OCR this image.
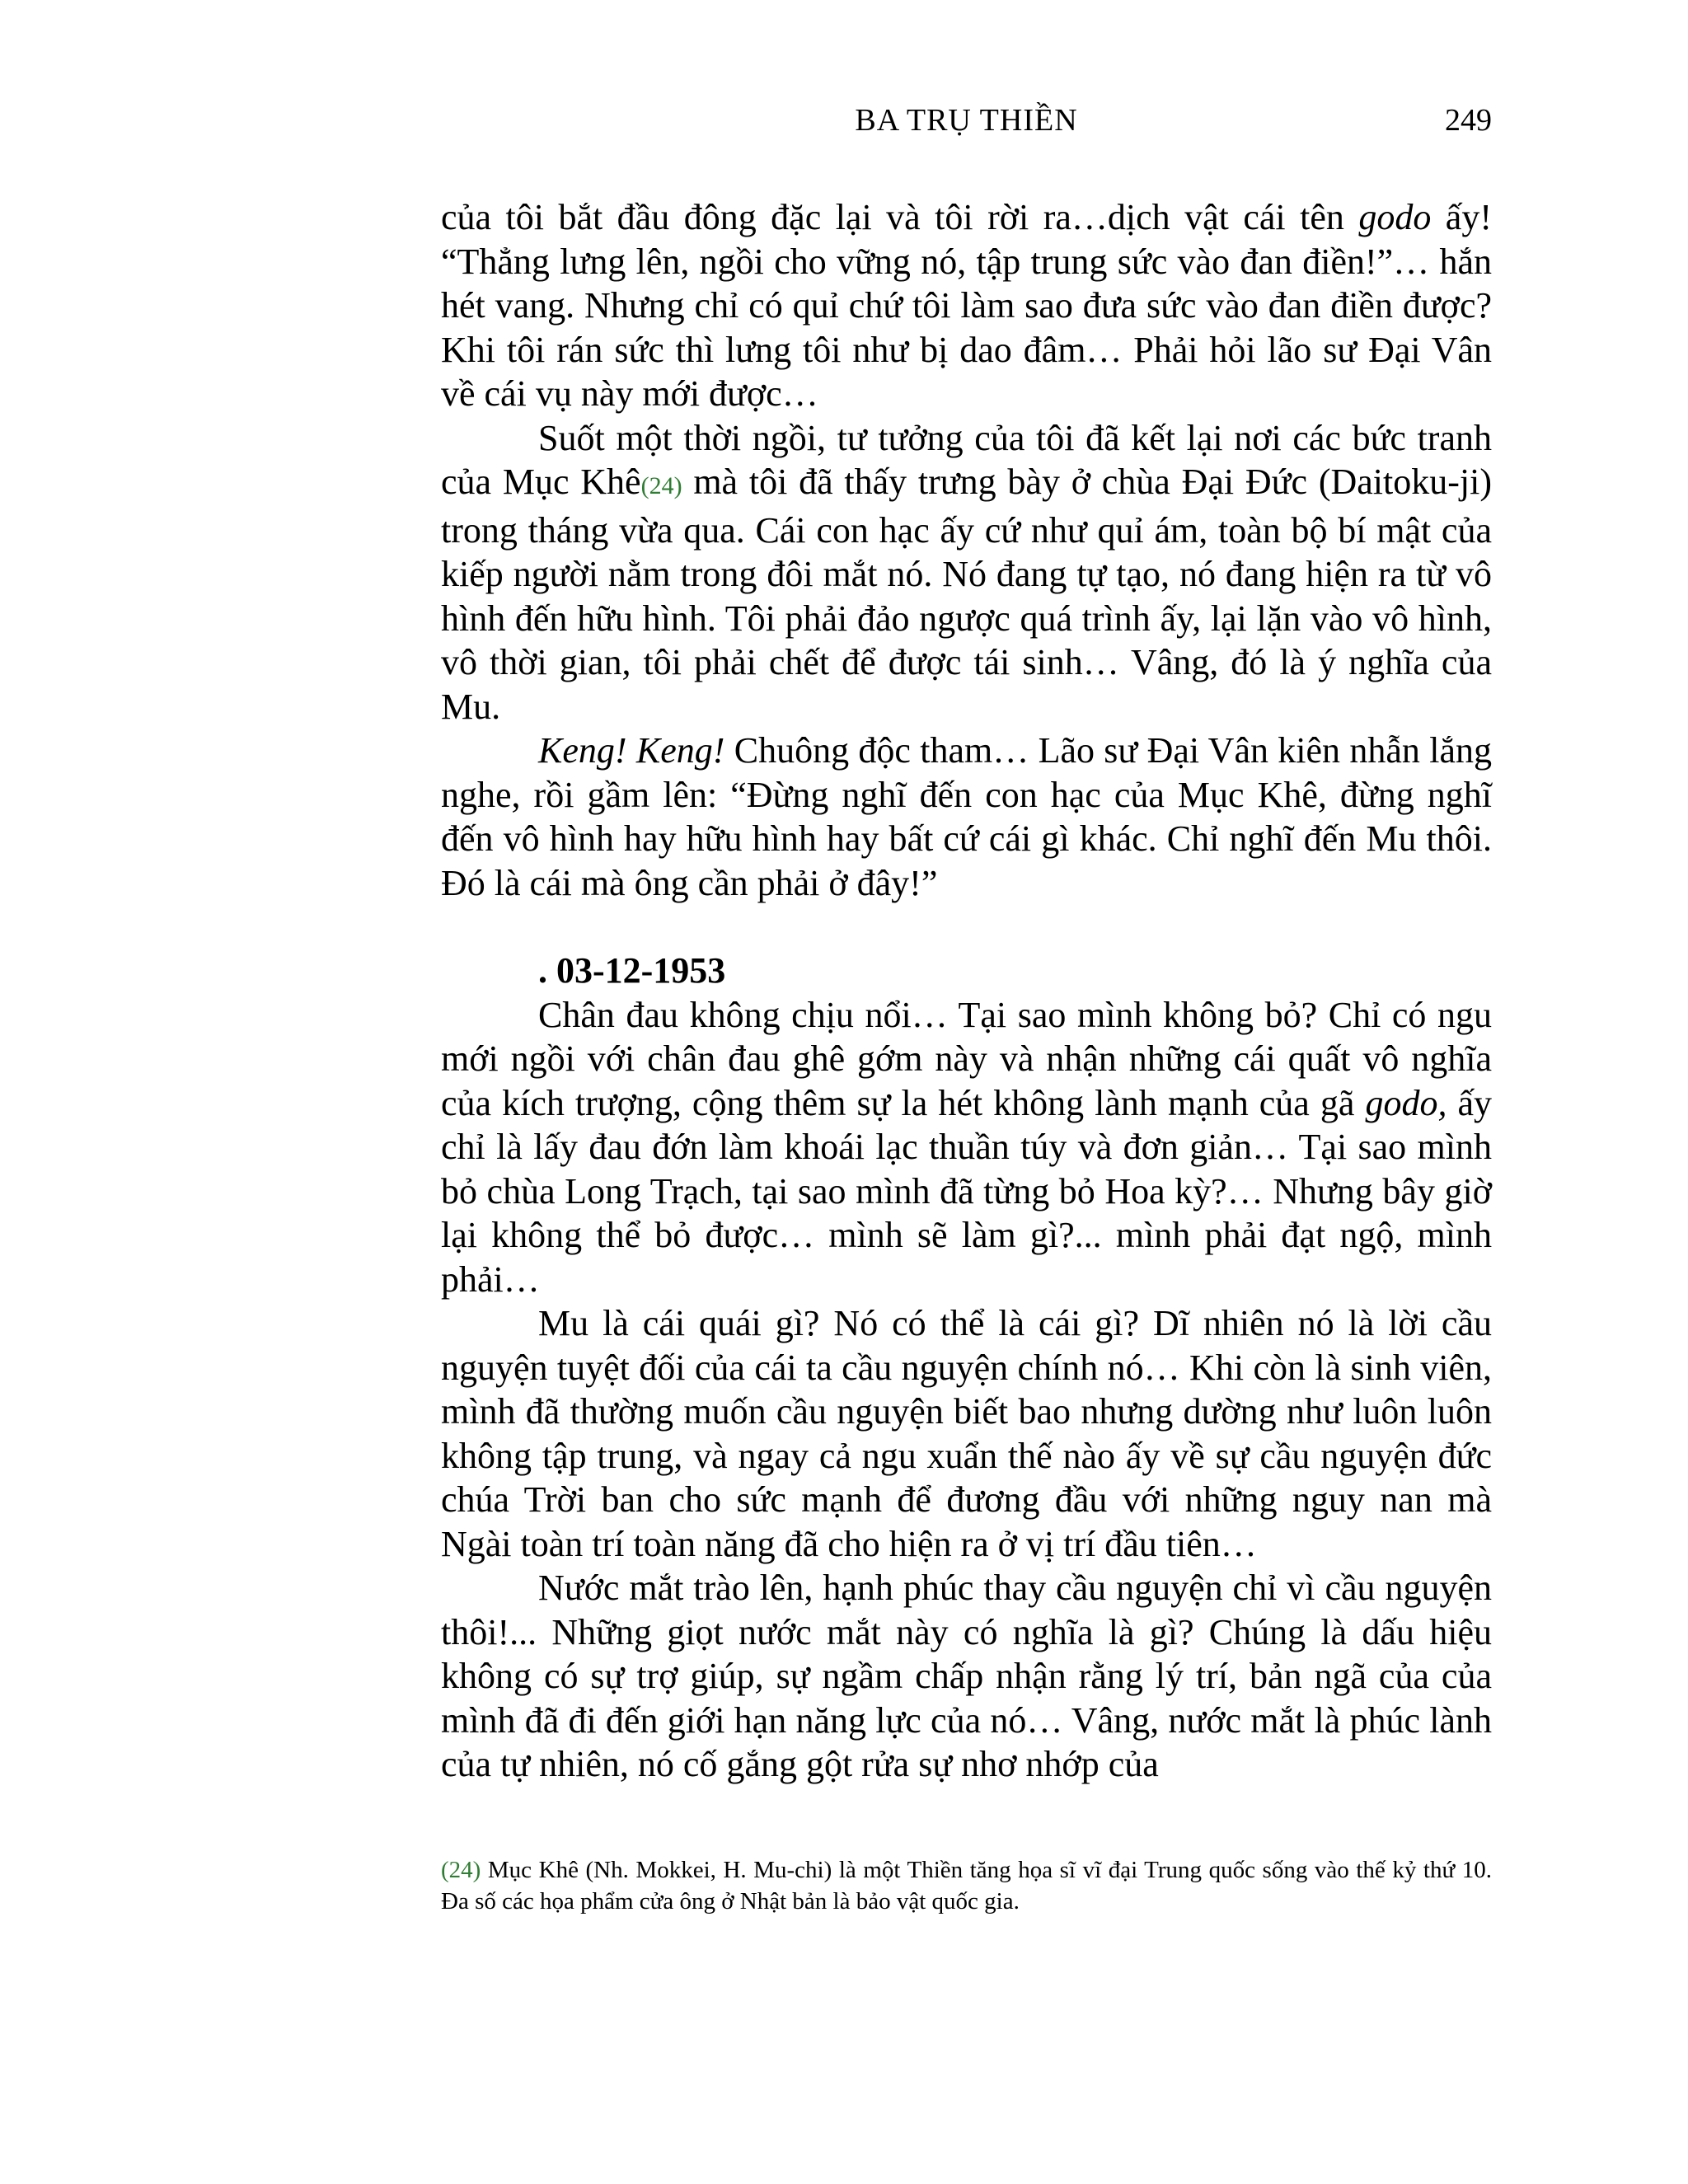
BA TRỤ THIỀN	249

của tôi bắt đầu đông đặc lại và tôi rời ra…dịch vật cái tên godo ấy! “Thẳng lưng lên, ngồi cho vững nó, tập trung sức vào đan điền!”… hắn hét vang. Nhưng chỉ có quỉ chứ tôi làm sao đưa sức vào đan điền được? Khi tôi rán sức thì lưng tôi như bị dao đâm… Phải hỏi lão sư Đại Vân về cái vụ này mới được…

Suốt một thời ngồi, tư tưởng của tôi đã kết lại nơi các bức tranh của Mục Khê(24) mà tôi đã thấy trưng bày ở chùa Đại Đức (Daitoku-ji) trong tháng vừa qua. Cái con hạc ấy cứ như quỉ ám, toàn bộ bí mật của kiếp người nằm trong đôi mắt nó. Nó đang tự tạo, nó đang hiện ra từ vô hình đến hữu hình. Tôi phải đảo ngược quá trình ấy, lại lặn vào vô hình, vô thời gian, tôi phải chết để được tái sinh… Vâng, đó là ý nghĩa của Mu.

Keng! Keng! Chuông độc tham… Lão sư Đại Vân kiên nhẫn lắng nghe, rồi gầm lên: “Đừng nghĩ đến con hạc của Mục Khê, đừng nghĩ đến vô hình hay hữu hình hay bất cứ cái gì khác. Chỉ nghĩ đến Mu thôi. Đó là cái mà ông cần phải ở đây!”

. 03-12-1953

Chân đau không chịu nổi… Tại sao mình không bỏ? Chỉ có ngu mới ngồi với chân đau ghê gớm này và nhận những cái quất vô nghĩa của kích trượng, cộng thêm sự la hét không lành mạnh của gã godo, ấy chỉ là lấy đau đớn làm khoái lạc thuần túy và đơn giản… Tại sao mình bỏ chùa Long Trạch, tại sao mình đã từng bỏ Hoa kỳ?… Nhưng bây giờ lại không thể bỏ được… mình sẽ làm gì?... mình phải đạt ngộ, mình phải…

Mu là cái quái gì? Nó có thể là cái gì? Dĩ nhiên nó là lời cầu nguyện tuyệt đối của cái ta cầu nguyện chính nó… Khi còn là sinh viên, mình đã thường muốn cầu nguyện biết bao nhưng dường như luôn luôn không tập trung, và ngay cả ngu xuẩn thế nào ấy về sự cầu nguyện đức chúa Trời ban cho sức mạnh để đương đầu với những nguy nan mà Ngài toàn trí toàn năng đã cho hiện ra ở vị trí đầu tiên…

Nước mắt trào lên, hạnh phúc thay cầu nguyện chỉ vì cầu nguyện thôi!... Những giọt nước mắt này có nghĩa là gì? Chúng là dấu hiệu không có sự trợ giúp, sự ngầm chấp nhận rằng lý trí, bản ngã của của mình đã đi đến giới hạn năng lực của nó… Vâng, nước mắt là phúc lành của tự nhiên, nó cố gắng gột rửa sự nhơ nhớp của

(24) Mục Khê (Nh. Mokkei, H. Mu-chi) là một Thiền tăng họa sĩ vĩ đại Trung quốc sống vào thế kỷ thứ 10. Đa số các họa phẩm cửa ông ở Nhật bản là bảo vật quốc gia.
